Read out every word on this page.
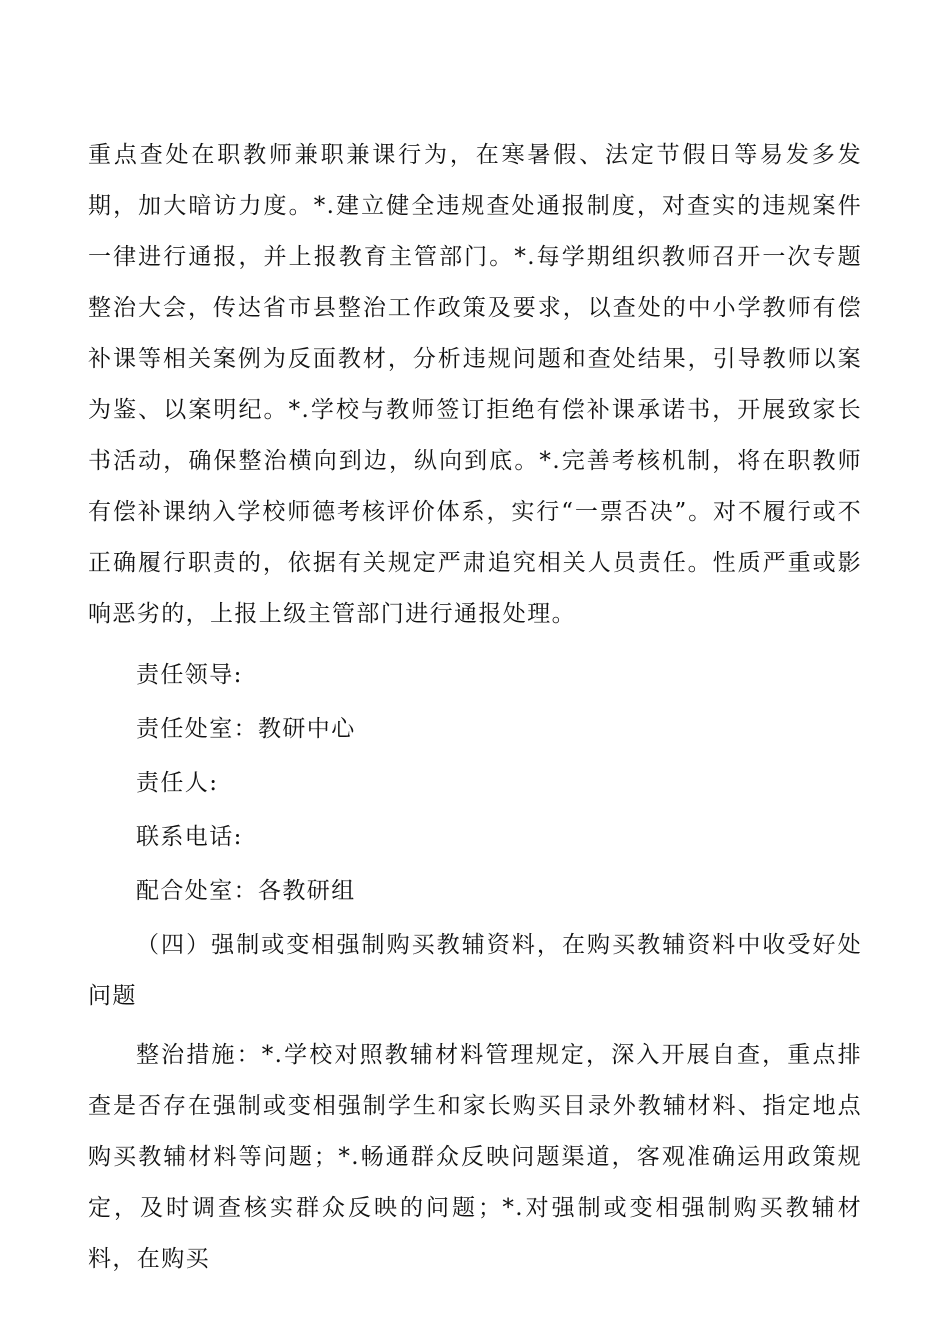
重点查处在职教师兼职兼课行为，在寒暑假、法定节假日等易发多发期，加大暗访力度。*.建立健全违规查处通报制度，对查实的违规案件一律进行通报，并上报教育主管部门。*.每学期组织教师召开一次专题整治大会，传达省市县整治工作政策及要求，以查处的中小学教师有偿补课等相关案例为反面教材，分析违规问题和查处结果，引导教师以案为鉴、以案明纪。*.学校与教师签订拒绝有偿补课承诺书，开展致家长书活动，确保整治横向到边，纵向到底。*.完善考核机制，将在职教师有偿补课纳入学校师德考核评价体系，实行“一票否决”。对不履行或不正确履行职责的，依据有关规定严肃追究相关人员责任。性质严重或影响恶劣的，上报上级主管部门进行通报处理。

责任领导:

责任处室：教研中心

责任人:

联系电话:

配合处室：各教研组

（四）强制或变相强制购买教辅资料，在购买教辅资料中收受好处问题

整治措施：*.学校对照教辅材料管理规定，深入开展自查，重点排查是否存在强制或变相强制学生和家长购买目录外教辅材料、指定地点购买教辅材料等问题；*.畅通群众反映问题渠道，客观准确运用政策规定，及时调查核实群众反映的问题；*.对强制或变相强制购买教辅材料，在购买
